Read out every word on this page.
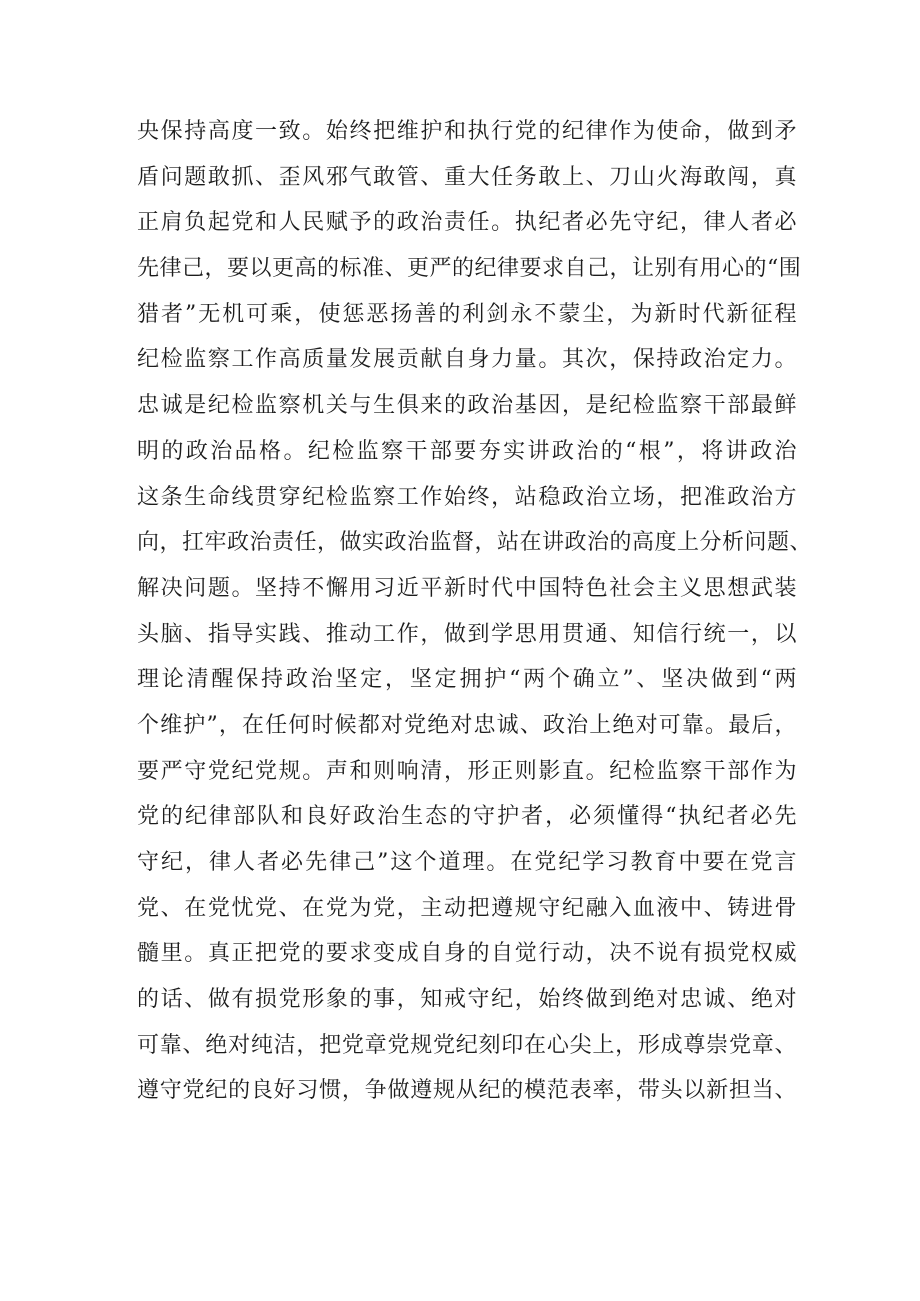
央保持高度一致。始终把维护和执行党的纪律作为使命，做到矛
盾问题敢抓、歪风邪气敢管、重大任务敢上、刀山火海敢闯，真
正肩负起党和人民赋予的政治责任。执纪者必先守纪，律人者必
先律己，要以更高的标准、更严的纪律要求自己，让别有用心的“围
猎者”无机可乘，使惩恶扬善的利剑永不蒙尘，为新时代新征程
纪检监察工作高质量发展贡献自身力量。其次，保持政治定力。
忠诚是纪检监察机关与生俱来的政治基因，是纪检监察干部最鲜
明的政治品格。纪检监察干部要夯实讲政治的“根”，将讲政治
这条生命线贯穿纪检监察工作始终，站稳政治立场，把准政治方
向，扛牢政治责任，做实政治监督，站在讲政治的高度上分析问题、
解决问题。坚持不懈用习近平新时代中国特色社会主义思想武装
头脑、指导实践、推动工作，做到学思用贯通、知信行统一，以
理论清醒保持政治坚定，坚定拥护“两个确立”、坚决做到“两
个维护”，在任何时候都对党绝对忠诚、政治上绝对可靠。最后，
要严守党纪党规。声和则响清，形正则影直。纪检监察干部作为
党的纪律部队和良好政治生态的守护者，必须懂得“执纪者必先
守纪，律人者必先律己”这个道理。在党纪学习教育中要在党言
党、在党忧党、在党为党，主动把遵规守纪融入血液中、铸进骨
髓里。真正把党的要求变成自身的自觉行动，决不说有损党权威
的话、做有损党形象的事，知戒守纪，始终做到绝对忠诚、绝对
可靠、绝对纯洁，把党章党规党纪刻印在心尖上，形成尊崇党章、
遵守党纪的良好习惯，争做遵规从纪的模范表率，带头以新担当、
